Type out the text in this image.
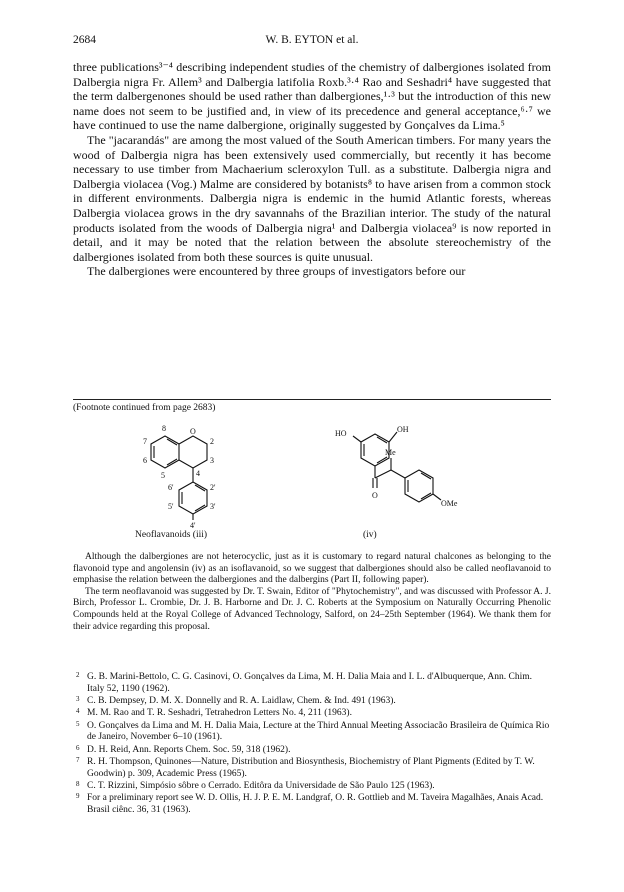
2684	W. B. EYTON et al.

three publications³⁻⁴ describing independent studies of the chemistry of dalbergiones isolated from Dalbergia nigra Fr. Allem³ and Dalbergia latifolia Roxb.³·⁴ Rao and Seshadri⁴ have suggested that the term dalbergenones should be used rather than dalbergiones,¹·³ but the introduction of this new name does not seem to be justified and, in view of its precedence and general acceptance,⁶·⁷ we have continued to use the name dalbergione, originally suggested by Gonçalves da Lima.⁵

The "jacarandás" are among the most valued of the South American timbers. For many years the wood of Dalbergia nigra has been extensively used commercially, but recently it has become necessary to use timber from Machaerium scleroxylon Tull. as a substitute. Dalbergia nigra and Dalbergia violacea (Vog.) Malme are considered by botanists⁸ to have arisen from a common stock in different environments. Dalbergia nigra is endemic in the humid Atlantic forests, whereas Dalbergia violacea grows in the dry savannahs of the Brazilian interior. The study of the natural products isolated from the woods of Dalbergia nigra¹ and Dalbergia violacea⁹ is now reported in detail, and it may be noted that the relation between the absolute stereochemistry of the dalbergiones isolated from both these sources is quite unusual.

The dalbergiones were encountered by three groups of investigators before our

(Footnote continued from page 2683)
O
2
3
4
5
6
7
8
2'
3'
4'
5'
6'
HO	OH
Me
O
OMe
Neoflavanoids (iii)	(iv)

Although the dalbergiones are not heterocyclic, just as it is customary to regard natural chalcones as belonging to the flavonoid type and angolensin (iv) as an isoflavanoid, so we suggest that dalbergiones should also be called neoflavanoid to emphasise the relation between the dalbergiones and the dalbergins (Part II, following paper).

The term neoflavanoid was suggested by Dr. T. Swain, Editor of "Phytochemistry", and was discussed with Professor A. J. Birch, Professor L. Crombie, Dr. J. B. Harborne and Dr. J. C. Roberts at the Symposium on Naturally Occurring Phenolic Compounds held at the Royal College of Advanced Technology, Salford, on 24–25th September (1964). We thank them for their advice regarding this proposal.

2 G. B. Marini-Bettolo, C. G. Casinovi, O. Gonçalves da Lima, M. H. Dalia Maia and I. L. d'Albuquerque, Ann. Chim. Italy 52, 1190 (1962).
3 C. B. Dempsey, D. M. X. Donnelly and R. A. Laidlaw, Chem. & Ind. 491 (1963).
4 M. M. Rao and T. R. Seshadri, Tetrahedron Letters No. 4, 211 (1963).
5 O. Gonçalves da Lima and M. H. Dalia Maia, Lecture at the Third Annual Meeting Associacão Brasileira de Química Rio de Janeiro, November 6–10 (1961).
6 D. H. Reid, Ann. Reports Chem. Soc. 59, 318 (1962).
7 R. H. Thompson, Quinones—Nature, Distribution and Biosynthesis, Biochemistry of Plant Pigments (Edited by T. W. Goodwin) p. 309, Academic Press (1965).
8 C. T. Rizzini, Simpósio sôbre o Cerrado. Editôra da Universidade de São Paulo 125 (1963).
9 For a preliminary report see W. D. Ollis, H. J. P. E. M. Landgraf, O. R. Gottlieb and M. Taveira Magalhães, Anais Acad. Brasil ciênc. 36, 31 (1963).
